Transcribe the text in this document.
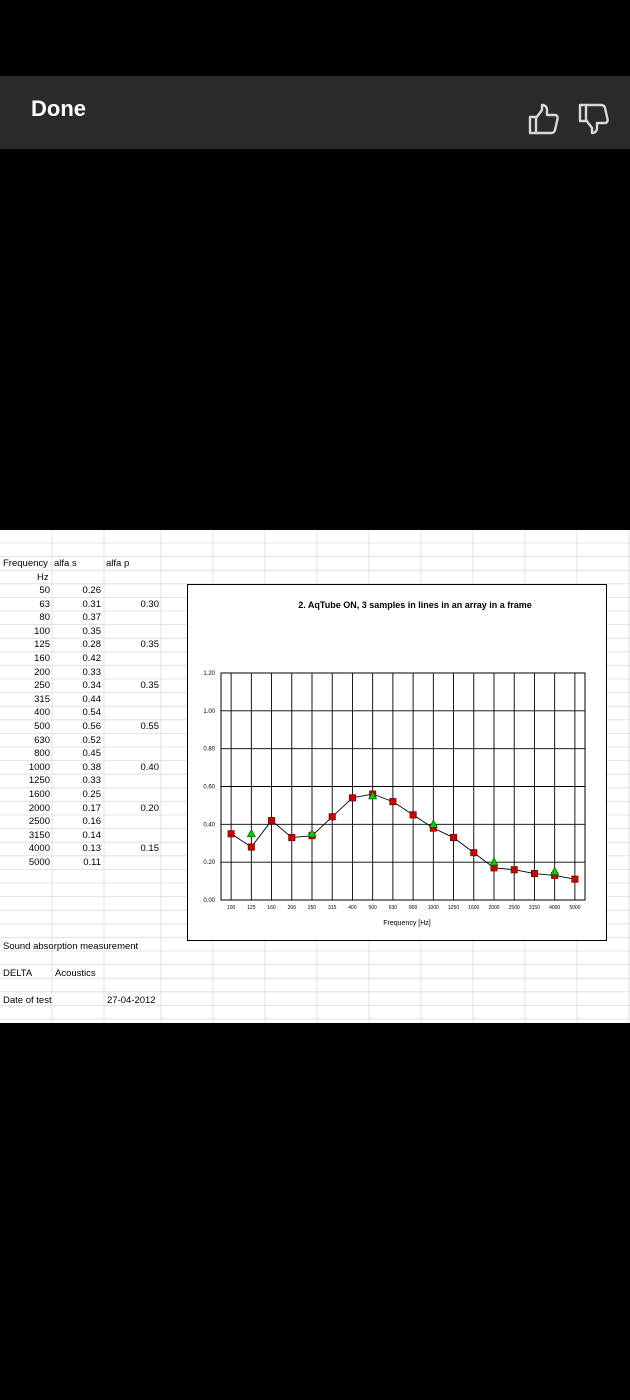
Done
Frequency alfa s	alfa p
Hz
50	0.26
63	0.31	0.30
80	0.37
100	0.35
125	0.28	0.35
160	0.42
200	0.33
250	0.34	0.35
315	0.44
400	0.54
500	0.56	0.55
630	0.52
800	0.45
1000	0.38	0.40
1250	0.33
1600	0.25
2000	0.17	0.20
2500	0.16
3150	0.14
4000	0.13	0.15
5000	0.11
0.00
0.20
0.40
0.60
0.80
1.00
1.20
100 125 160 200 250 315 400 500 630 800 1000 1250 1600 2000 2500 3150 4000 5000
2. AqTube ON, 3 samples in lines in an array in a frame
Frequency [Hz]
Sound absorption measurement
DELTA Acoustics
Date of test	27-04-2012
